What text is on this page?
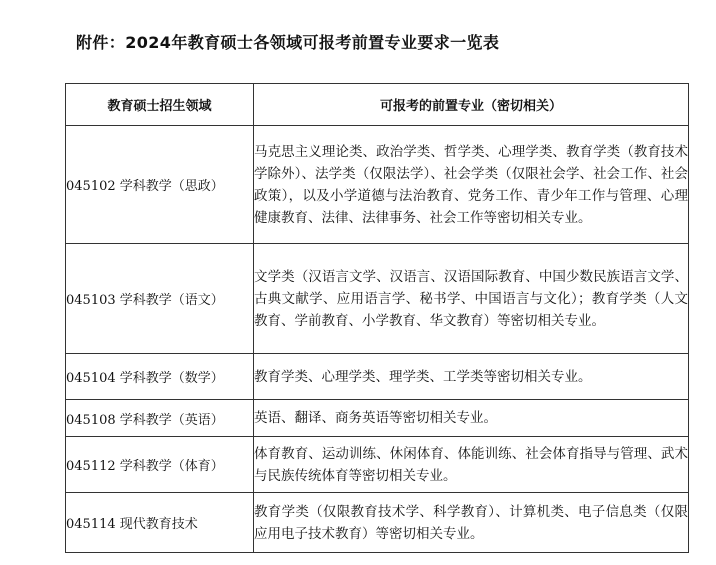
附件：2024年教育硕士各领域可报考前置专业要求一览表
教育硕士招生领域	可报考的前置专业（密切相关）
045102 学科教学（思政）	马克思主义理论类、政治学类、哲学类、心理学类、教育学类（教育技术学除外）、法学类（仅限法学）、社会学类（仅限社会学、社会工作、社会政策），以及小学道德与法治教育、党务工作、青少年工作与管理、心理健康教育、法律、法律事务、社会工作等密切相关专业。
045103 学科教学（语文）	文学类（汉语言文学、汉语言、汉语国际教育、中国少数民族语言文学、古典文献学、应用语言学、秘书学、中国语言与文化）；教育学类（人文教育、学前教育、小学教育、华文教育）等密切相关专业。
045104 学科教学（数学）	教育学类、心理学类、理学类、工学类等密切相关专业。
045108 学科教学（英语）	英语、翻译、商务英语等密切相关专业。
045112 学科教学（体育）	体育教育、运动训练、休闲体育、体能训练、社会体育指导与管理、武术与民族传统体育等密切相关专业。
045114 现代教育技术	教育学类（仅限教育技术学、科学教育）、计算机类、电子信息类（仅限应用电子技术教育）等密切相关专业。
